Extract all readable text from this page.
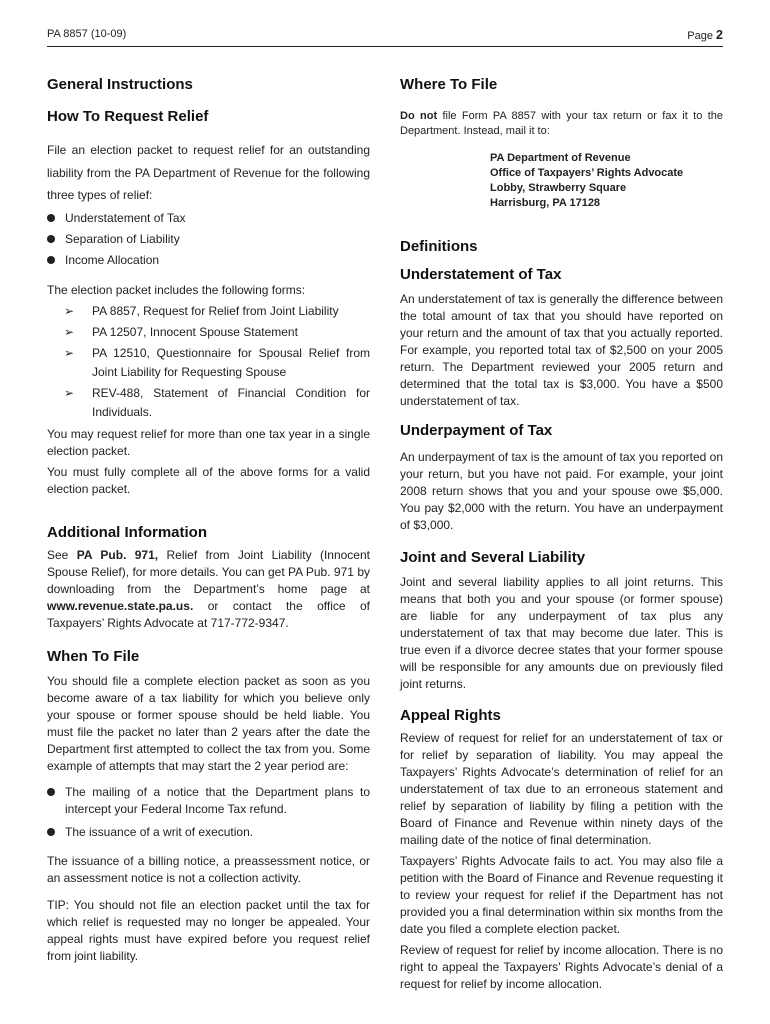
PA 8857 (10-09)	Page 2
General Instructions
How To Request Relief

File an election packet to request relief for an outstanding liability from the PA Department of Revenue for the following three types of relief:

Understatement of Tax
Separation of Liability
Income Allocation

The election packet includes the following forms:

➢ PA 8857, Request for Relief from Joint Liability
➢ PA 12507, Innocent Spouse Statement
➢ PA 12510, Questionnaire for Spousal Relief from Joint Liability for Requesting Spouse
➢ REV-488, Statement of Financial Condition for Individuals.

You may request relief for more than one tax year in a single election packet.

You must fully complete all of the above forms for a valid election packet.

Additional Information

See PA Pub. 971, Relief from Joint Liability (Innocent Spouse Relief), for more details. You can get PA Pub. 971 by downloading from the Department’s home page at www.revenue.state.pa.us. or contact the office of Taxpayers’ Rights Advocate at 717-772-9347.

When To File

You should file a complete election packet as soon as you become aware of a tax liability for which you believe only your spouse or former spouse should be held liable. You must file the packet no later than 2 years after the date the Department first attempted to collect the tax from you. Some example of attempts that may start the 2 year period are:

The mailing of a notice that the Department plans to intercept your Federal Income Tax refund.
The issuance of a writ of execution.

The issuance of a billing notice, a preassessment notice, or an assessment notice is not a collection activity.

TIP: You should not file an election packet until the tax for which relief is requested may no longer be appealed. Your appeal rights must have expired before you request relief from joint liability.

Where To File

Do not file Form PA 8857 with your tax return or fax it to the Department. Instead, mail it to:

PA Department of Revenue
Office of Taxpayers’ Rights Advocate
Lobby, Strawberry Square
Harrisburg, PA 17128
Definitions
Understatement of Tax

An understatement of tax is generally the difference between the total amount of tax that you should have reported on your return and the amount of tax that you actually reported. For example, you reported total tax of $2,500 on your 2005 return. The Department reviewed your 2005 return and determined that the total tax is $3,000. You have a $500 understatement of tax.

Underpayment of Tax

An underpayment of tax is the amount of tax you reported on your return, but you have not paid. For example, your joint 2008 return shows that you and your spouse owe $5,000. You pay $2,000 with the return. You have an underpayment of $3,000.

Joint and Several Liability

Joint and several liability applies to all joint returns. This means that both you and your spouse (or former spouse) are liable for any underpayment of tax plus any understatement of tax that may become due later. This is true even if a divorce decree states that your former spouse will be responsible for any amounts due on previously filed joint returns.

Appeal Rights

Review of request for relief for an understatement of tax or for relief by separation of liability. You may appeal the Taxpayers’ Rights Advocate’s determination of relief for an understatement of tax due to an erroneous statement and relief by separation of liability by filing a petition with the Board of Finance and Revenue within ninety days of the mailing date of the notice of final determination.

Taxpayers’ Rights Advocate fails to act. You may also file a petition with the Board of Finance and Revenue requesting it to review your request for relief if the Department has not provided you a final determination within six months from the date you filed a complete election packet.

Review of request for relief by income allocation. There is no right to appeal the Taxpayers’ Rights Advocate’s denial of a request for relief by income allocation.
